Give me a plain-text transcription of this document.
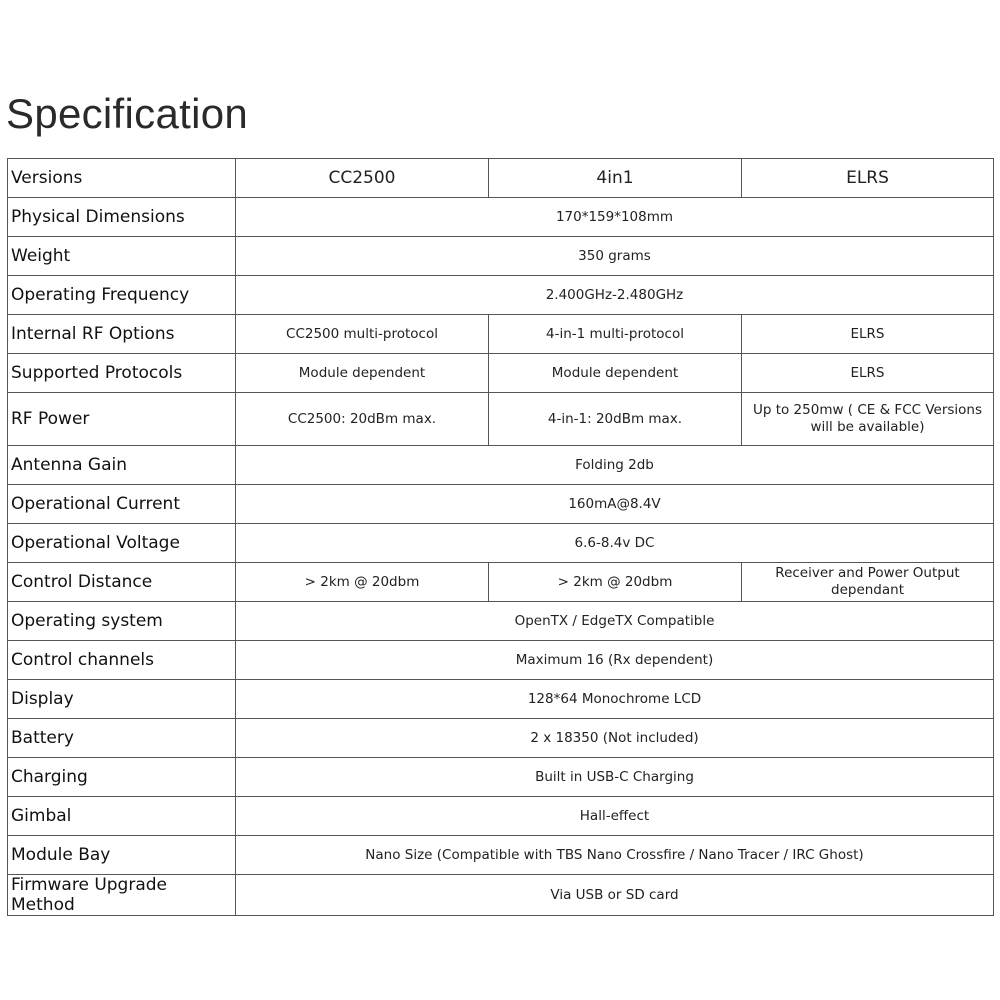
Specification
Versions	CC2500	4in1	ELRS
Physical Dimensions	170*159*108mm		
Weight	350 grams		
Operating Frequency	2.400GHz-2.480GHz		
Internal RF Options	CC2500 multi-protocol	4-in-1 multi-protocol	ELRS
Supported Protocols	Module dependent	Module dependent	ELRS
RF Power	CC2500: 20dBm max.	4-in-1: 20dBm max.	Up to 250mw ( CE & FCC Versions will be available)
Antenna Gain	Folding 2db		
Operational Current	160mA@8.4V		
Operational Voltage	6.6-8.4v DC		
Control Distance	> 2km @ 20dbm	> 2km @ 20dbm	Receiver and Power Output dependant
Operating system	OpenTX / EdgeTX Compatible		
Control channels	Maximum 16 (Rx dependent)		
Display	128*64 Monochrome LCD		
Battery	2 x 18350 (Not included)		
Charging	Built in USB-C Charging		
Gimbal	Hall-effect		
Module Bay	Nano Size (Compatible with TBS Nano Crossfire / Nano Tracer / IRC Ghost)		
Firmware Upgrade Method	Via USB or SD card		
